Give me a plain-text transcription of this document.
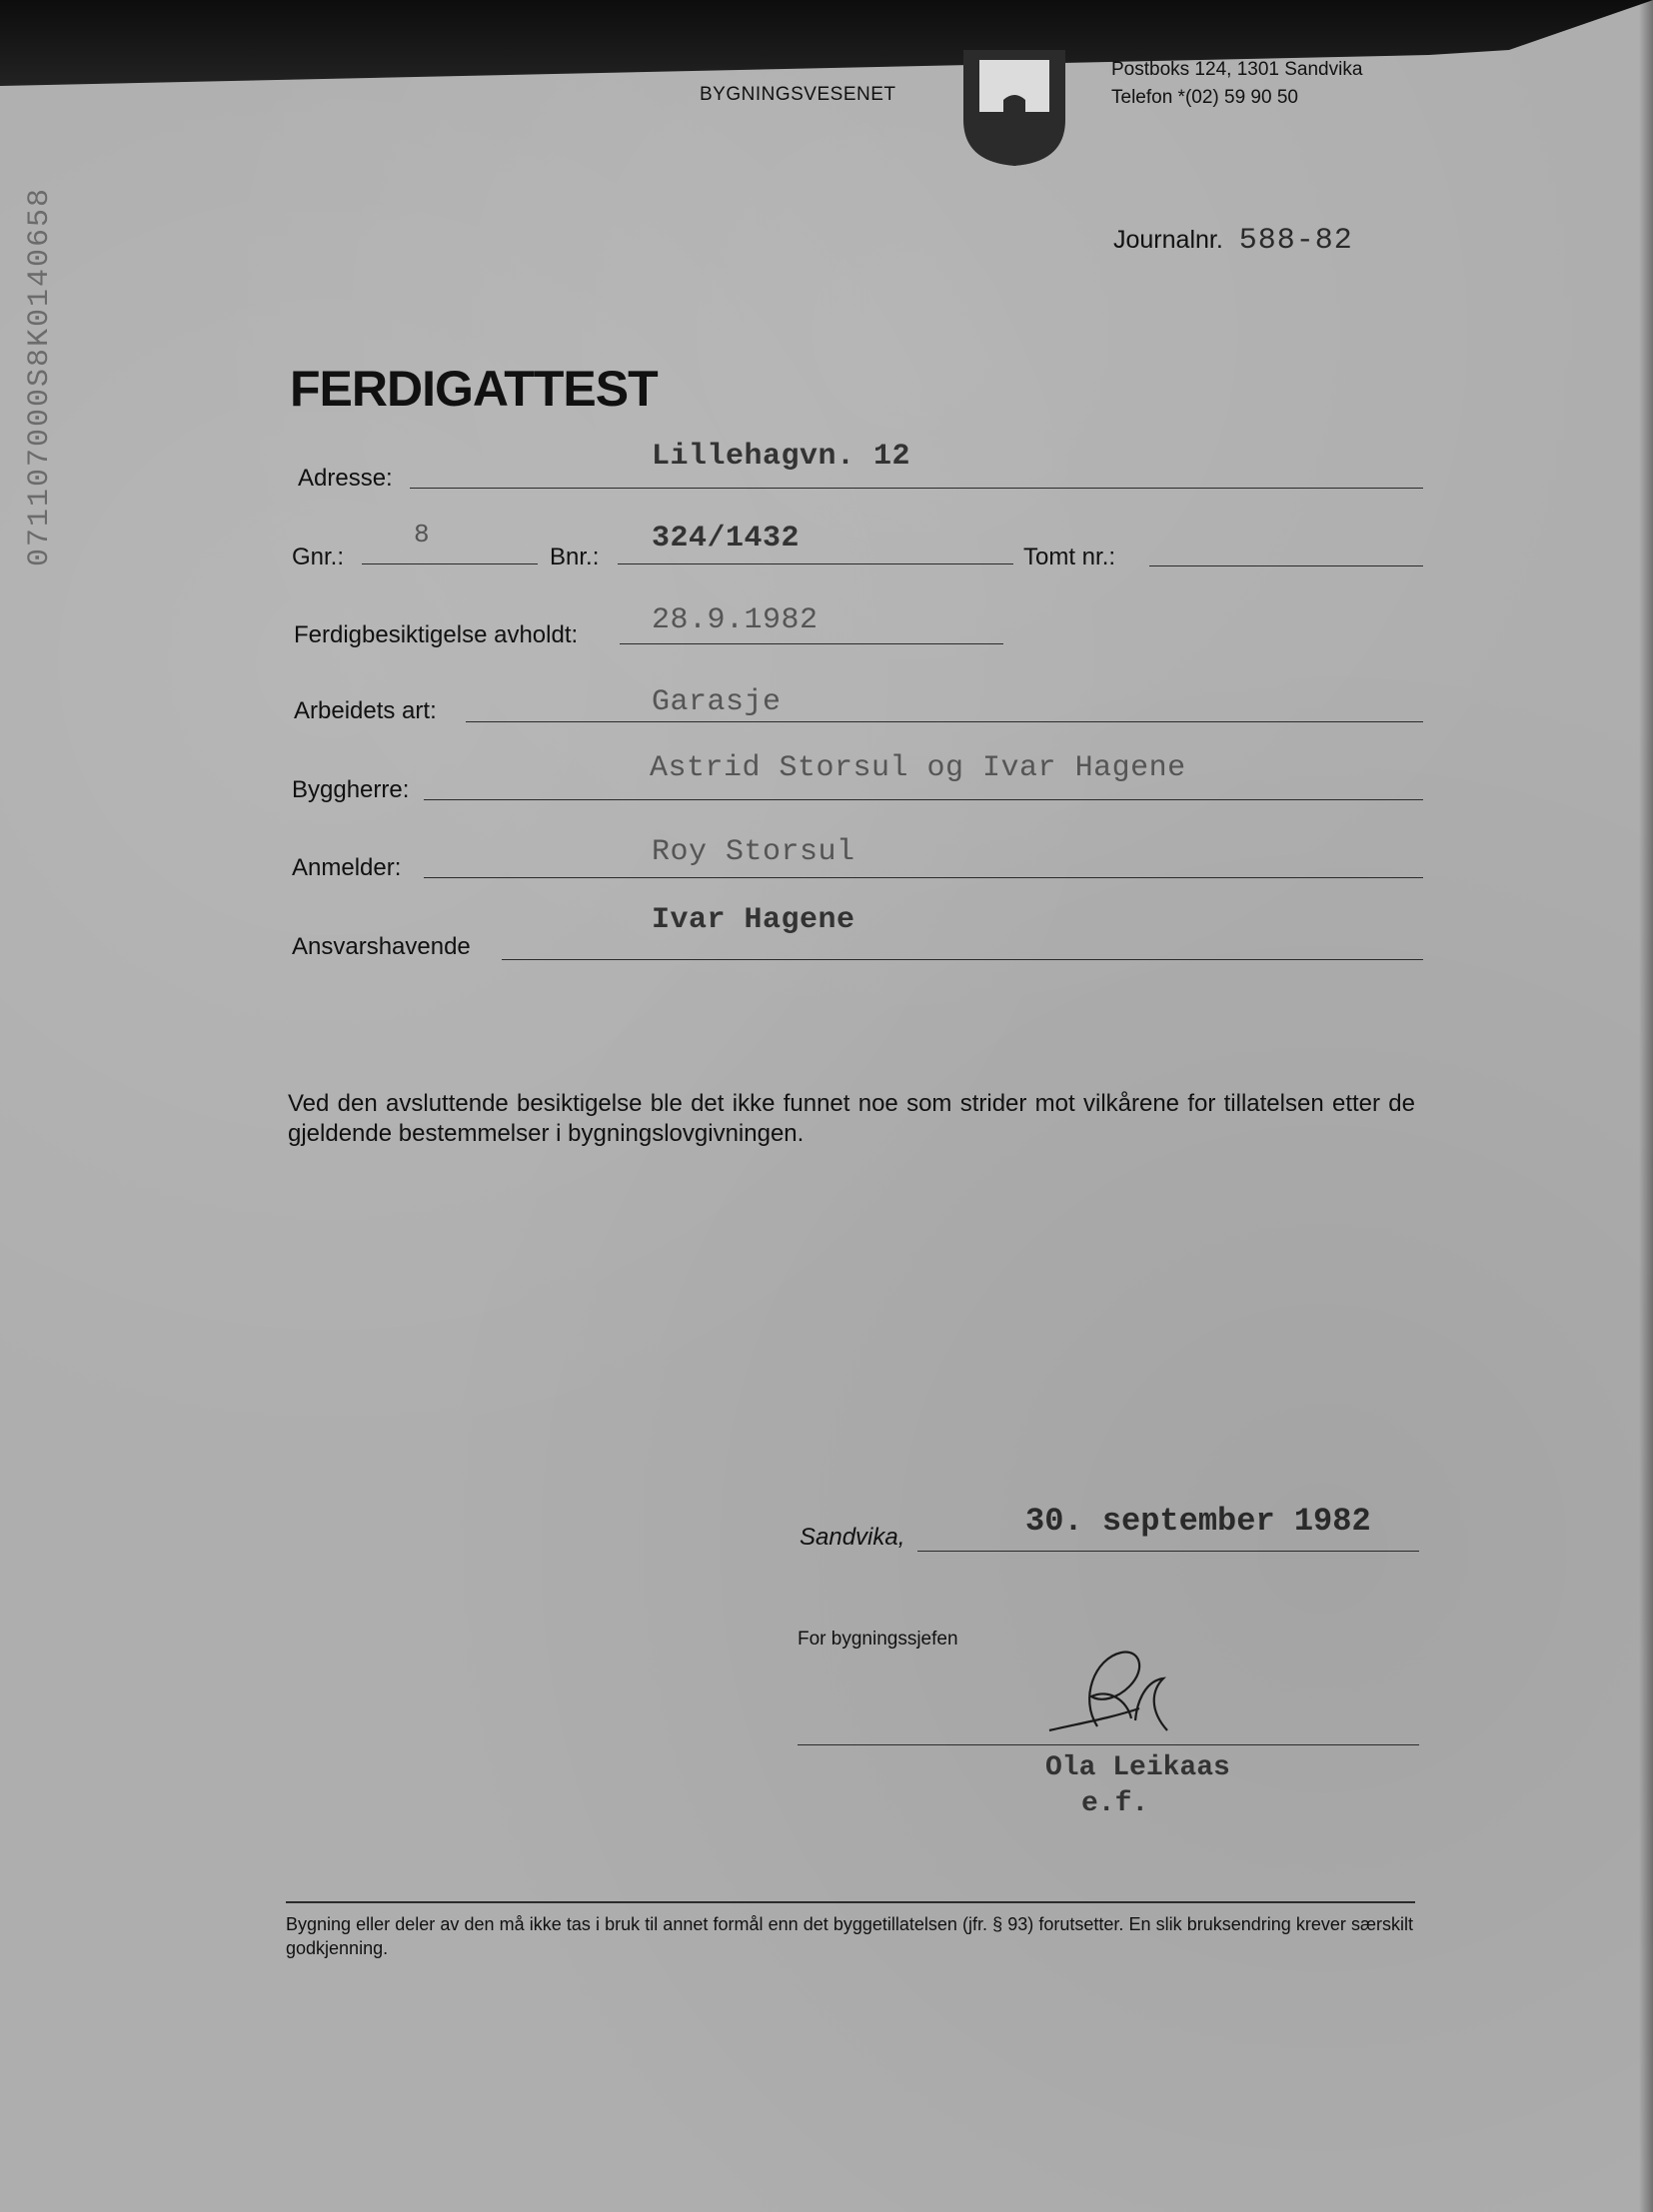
071107000S8K0140658
BYGNINGSVESENET
Postboks 124, 1301 Sandvika
Telefon *(02) 59 90 50
Journalnr. 588-82
FERDIGATTEST
Adresse:
Lillehagvn. 12
Gnr.:
8
Bnr.:
324/1432
Tomt nr.:
Ferdigbesiktigelse avholdt: 28.9.1982
Arbeidets art:	Garasje
Byggherre:
Astrid Storsul og Ivar Hagene
Anmelder:	Roy Storsul
Ansvarshavende
Ivar Hagene

Ved den avsluttende besiktigelse ble det ikke funnet noe som strider mot vilkårene for tillatelsen etter de gjeldende bestemmelser i bygningslovgivningen.

Sandvika,	30. september 1982
For bygningssjefen
Ola Leikaas
e.f.

Bygning eller deler av den må ikke tas i bruk til annet formål enn det byggetillatelsen (jfr. § 93) forutsetter. En slik bruksendring krever særskilt godkjenning.
